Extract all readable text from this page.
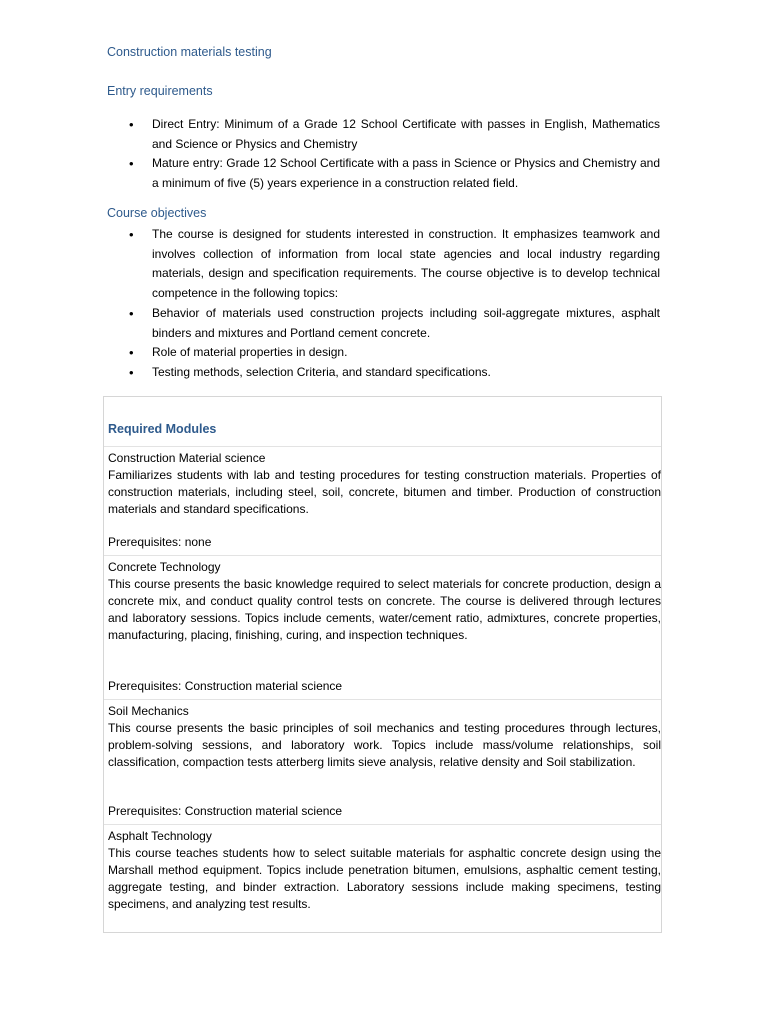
Construction materials testing
Entry requirements
• Direct Entry: Minimum of a Grade 12 School Certificate with passes in English, Mathematics and Science or Physics and Chemistry
• Mature entry: Grade 12 School Certificate with a pass in Science or Physics and Chemistry and a minimum of five (5) years experience in a construction related field.
Course objectives
• The course is designed for students interested in construction. It emphasizes teamwork and involves collection of information from local state agencies and local industry regarding materials, design and specification requirements. The course objective is to develop technical competence in the following topics:
• Behavior of materials used construction projects including soil-aggregate mixtures, asphalt binders and mixtures and Portland cement concrete.
• Role of material properties in design.
• Testing methods, selection Criteria, and standard specifications.
Required Modules
Construction Material science
Familiarizes students with lab and testing procedures for testing construction materials. Properties of construction materials, including steel, soil, concrete, bitumen and timber. Production of construction materials and standard specifications.
Prerequisites: none
Concrete Technology
This course presents the basic knowledge required to select materials for concrete production, design a concrete mix, and conduct quality control tests on concrete. The course is delivered through lectures and laboratory sessions. Topics include cements, water/cement ratio, admixtures, concrete properties, manufacturing, placing, finishing, curing, and inspection techniques.
Prerequisites: Construction material science
Soil Mechanics
This course presents the basic principles of soil mechanics and testing procedures through lectures, problem-solving sessions, and laboratory work. Topics include mass/volume relationships, soil classification, compaction tests atterberg limits sieve analysis, relative density and Soil stabilization.
Prerequisites: Construction material science
Asphalt Technology
This course teaches students how to select suitable materials for asphaltic concrete design using the Marshall method equipment. Topics include penetration bitumen, emulsions, asphaltic cement testing, aggregate testing, and binder extraction. Laboratory sessions include making specimens, testing specimens, and analyzing test results.
